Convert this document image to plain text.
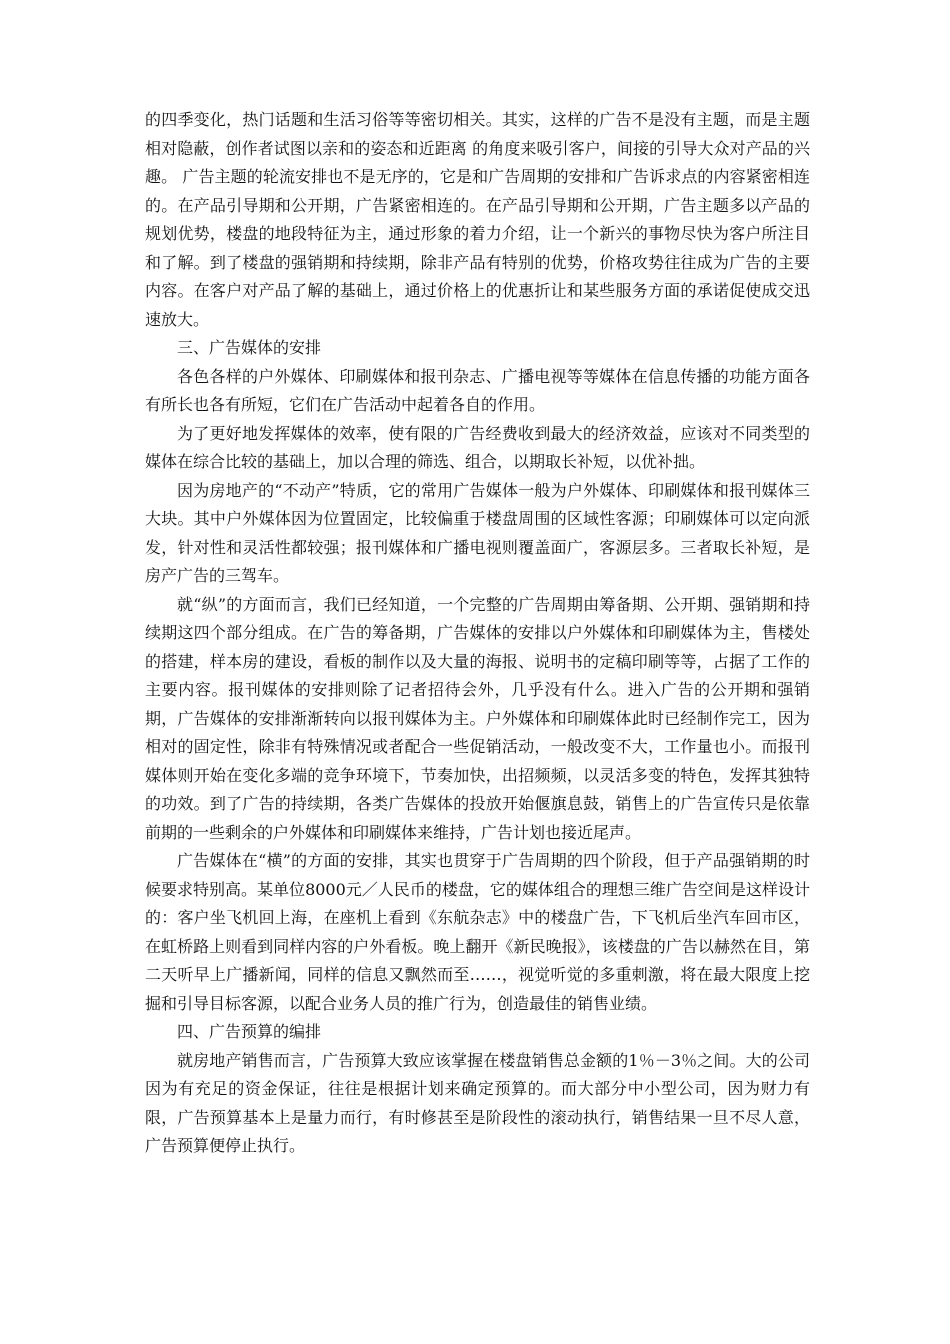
的四季变化，热门话题和生活习俗等等密切相关。其实，这样的广告不是没有主题，而是主题相对隐蔽，创作者试图以亲和的姿态和近距离 的角度来吸引客户，间接的引导大众对产品的兴趣。 广告主题的轮流安排也不是无序的，它是和广告周期的安排和广告诉求点的内容紧密相连的。在产品引导期和公开期，广告紧密相连的。在产品引导期和公开期，广告主题多以产品的规划优势，楼盘的地段特征为主，通过形象的着力介绍，让一个新兴的事物尽快为客户所注目和了解。到了楼盘的强销期和持续期，除非产品有特别的优势，价格攻势往往成为广告的主要内容。在客户对产品了解的基础上，通过价格上的优惠折让和某些服务方面的承诺促使成交迅速放大。

三、广告媒体的安排

各色各样的户外媒体、印刷媒体和报刊杂志、广播电视等等媒体在信息传播的功能方面各有所长也各有所短，它们在广告活动中起着各自的作用。

为了更好地发挥媒体的效率，使有限的广告经费收到最大的经济效益，应该对不同类型的媒体在综合比较的基础上，加以合理的筛选、组合，以期取长补短，以优补拙。

因为房地产的“不动产”特质，它的常用广告媒体一般为户外媒体、印刷媒体和报刊媒体三大块。其中户外媒体因为位置固定，比较偏重于楼盘周围的区域性客源；印刷媒体可以定向派发，针对性和灵活性都较强；报刊媒体和广播电视则覆盖面广，客源层多。三者取长补短，是房产广告的三驾车。

就“纵”的方面而言，我们已经知道，一个完整的广告周期由筹备期、公开期、强销期和持续期这四个部分组成。在广告的筹备期，广告媒体的安排以户外媒体和印刷媒体为主，售楼处的搭建，样本房的建设，看板的制作以及大量的海报、说明书的定稿印刷等等，占据了工作的主要内容。报刊媒体的安排则除了记者招待会外，几乎没有什么。进入广告的公开期和强销期，广告媒体的安排渐渐转向以报刊媒体为主。户外媒体和印刷媒体此时已经制作完工，因为相对的固定性，除非有特殊情况或者配合一些促销活动，一般改变不大，工作量也小。而报刊媒体则开始在变化多端的竞争环境下，节奏加快，出招频频，以灵活多变的特色，发挥其独特的功效。到了广告的持续期，各类广告媒体的投放开始偃旗息鼓，销售上的广告宣传只是依靠前期的一些剩余的户外媒体和印刷媒体来维持，广告计划也接近尾声。

广告媒体在“横”的方面的安排，其实也贯穿于广告周期的四个阶段，但于产品强销期的时候要求特别高。某单位8000元／人民币的楼盘，它的媒体组合的理想三维广告空间是这样设计的：客户坐飞机回上海，在座机上看到《东航杂志》中的楼盘广告，下飞机后坐汽车回市区，在虹桥路上则看到同样内容的户外看板。晚上翻开《新民晚报》，该楼盘的广告以赫然在目，第二天听早上广播新闻，同样的信息又飘然而至……，视觉听觉的多重刺激，将在最大限度上挖掘和引导目标客源，以配合业务人员的推广行为，创造最佳的销售业绩。

四、广告预算的编排

就房地产销售而言，广告预算大致应该掌握在楼盘销售总金额的1％－3％之间。大的公司因为有充足的资金保证，往往是根据计划来确定预算的。而大部分中小型公司，因为财力有限，广告预算基本上是量力而行，有时修甚至是阶段性的滚动执行，销售结果一旦不尽人意，广告预算便停止执行。
